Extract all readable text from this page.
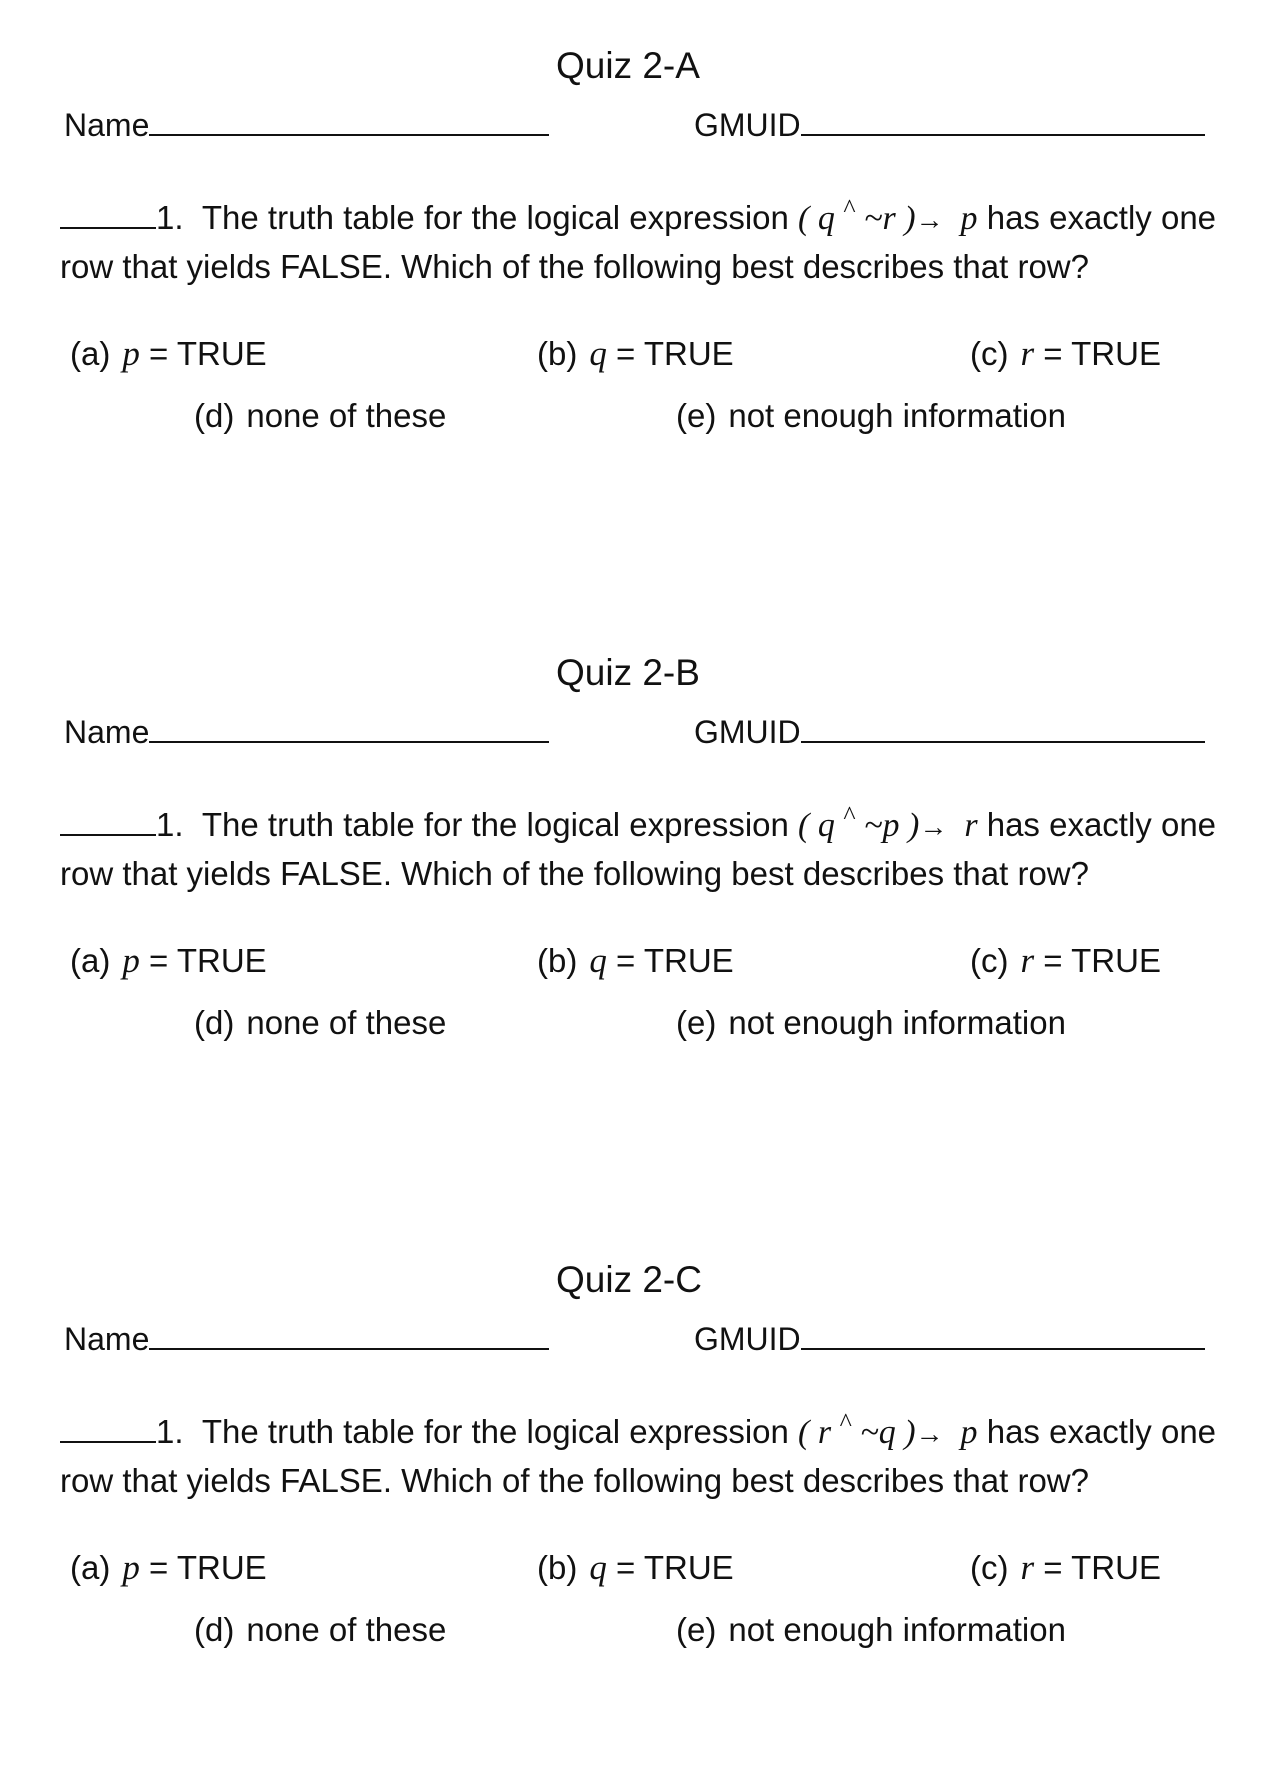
Quiz 2-A
Name	GMUID

1. The truth table for the logical expression ( q ^ ~r )→ p has exactly one row that yields FALSE. Which of the following best describes that row?

(a) p = TRUE	(b) q = TRUE	(c) r = TRUE
(d) none of these	(e) not enough information
Quiz 2-B
Name	GMUID

1. The truth table for the logical expression ( q ^ ~p )→ r has exactly one row that yields FALSE. Which of the following best describes that row?

(a) p = TRUE	(b) q = TRUE	(c) r = TRUE
(d) none of these	(e) not enough information
Quiz 2-C
Name	GMUID

1. The truth table for the logical expression ( r ^ ~q )→ p has exactly one row that yields FALSE. Which of the following best describes that row?

(a) p = TRUE	(b) q = TRUE	(c) r = TRUE
(d) none of these	(e) not enough information
